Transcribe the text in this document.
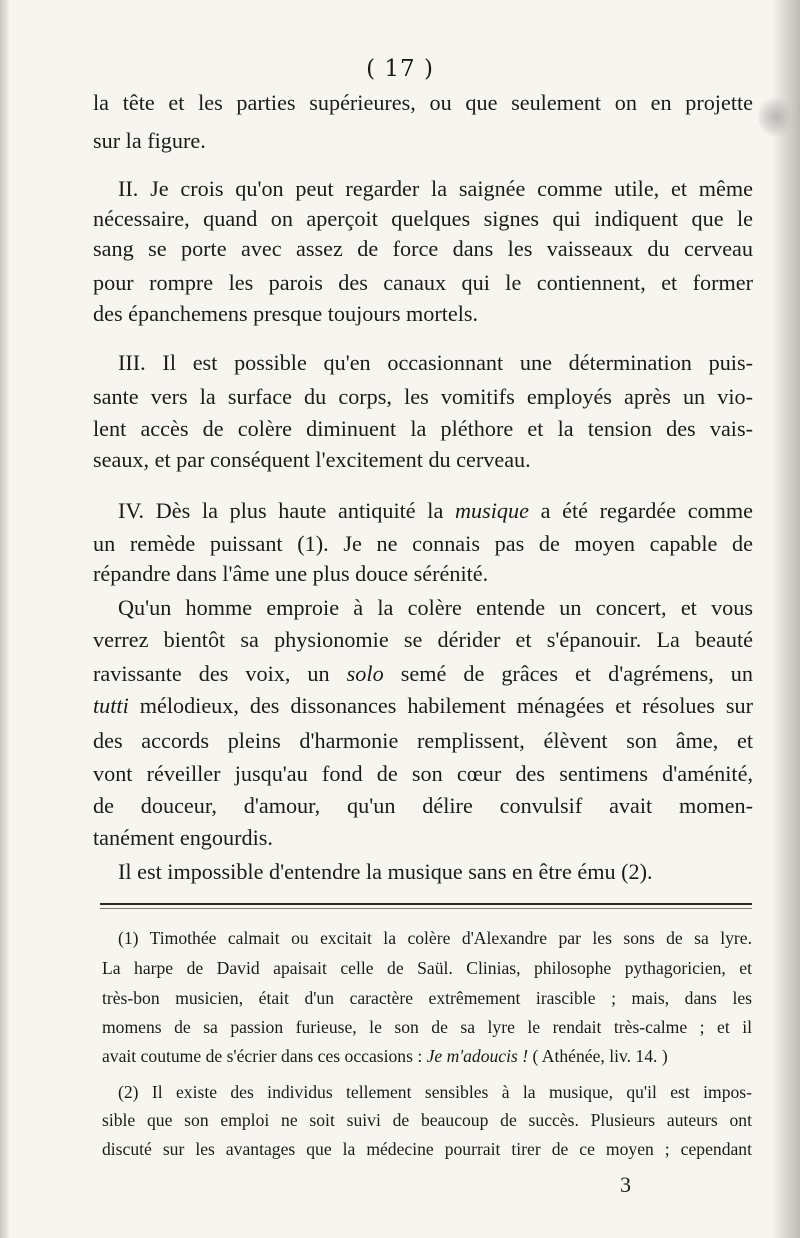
( 17 )
la tête et les parties supérieures, ou que seulement on en projette
sur la figure.
II. Je crois qu'on peut regarder la saignée comme utile, et même
nécessaire, quand on aperçoit quelques signes qui indiquent que le
sang se porte avec assez de force dans les vaisseaux du cerveau
pour rompre les parois des canaux qui le contiennent, et former
des épanchemens presque toujours mortels.
III. Il est possible qu'en occasionnant une détermination puis-
sante vers la surface du corps, les vomitifs employés après un vio-
lent accès de colère diminuent la pléthore et la tension des vais-
seaux, et par conséquent l'excitement du cerveau.
IV. Dès la plus haute antiquité la musique a été regardée comme
un remède puissant (1). Je ne connais pas de moyen capable de
répandre dans l'âme une plus douce sérénité.
Qu'un homme emproie à la colère entende un concert, et vous
verrez bientôt sa physionomie se dérider et s'épanouir. La beauté
ravissante des voix, un solo semé de grâces et d'agrémens, un
tutti mélodieux, des dissonances habilement ménagées et résolues sur
des accords pleins d'harmonie remplissent, élèvent son âme, et
vont réveiller jusqu'au fond de son cœur des sentimens d'aménité,
de douceur, d'amour, qu'un délire convulsif avait momen-
tanément engourdis.
Il est impossible d'entendre la musique sans en être ému (2).
(1) Timothée calmait ou excitait la colère d'Alexandre par les sons de sa lyre.
La harpe de David apaisait celle de Saül. Clinias, philosophe pythagoricien, et
très-bon musicien, était d'un caractère extrêmement irascible ; mais, dans les
momens de sa passion furieuse, le son de sa lyre le rendait très-calme ; et il
avait coutume de s'écrier dans ces occasions : Je m'adoucis ! ( Athénée, liv. 14. )
(2) Il existe des individus tellement sensibles à la musique, qu'il est impos-
sible que son emploi ne soit suivi de beaucoup de succès. Plusieurs auteurs ont
discuté sur les avantages que la médecine pourrait tirer de ce moyen ; cependant
3
